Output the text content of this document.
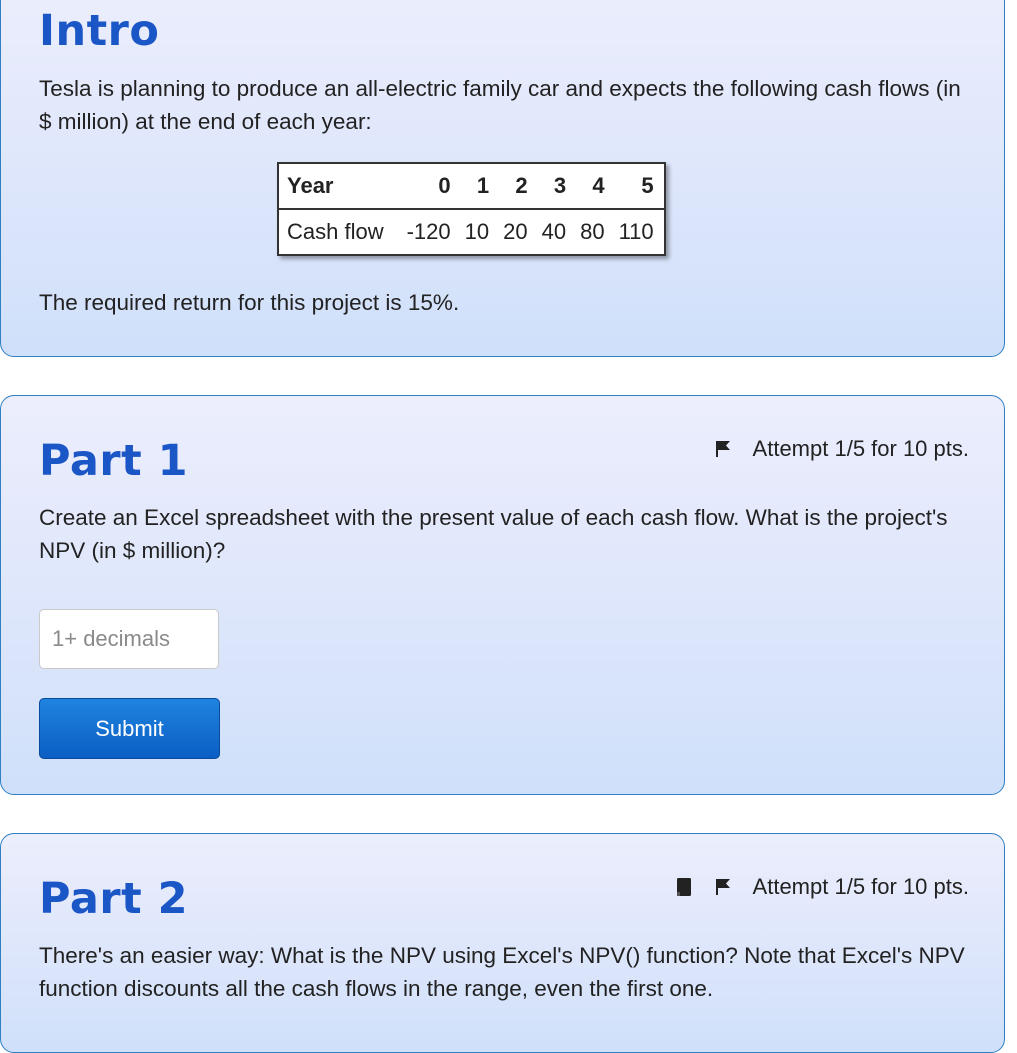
Intro

Tesla is planning to produce an all-electric family car and expects the following cash flows (in $ million) at the end of each year:

Year	0	1	2	3	4	5
Cash flow	-120	10	20	40	80	110

The required return for this project is 15%.

Part 1	Attempt 1/5 for 10 pts.

Create an Excel spreadsheet with the present value of each cash flow. What is the project's NPV (in $ million)?

1+ decimals
Submit
Part 2	Attempt 1/5 for 10 pts.

There's an easier way: What is the NPV using Excel's NPV() function? Note that Excel's NPV function discounts all the cash flows in the range, even the first one.
